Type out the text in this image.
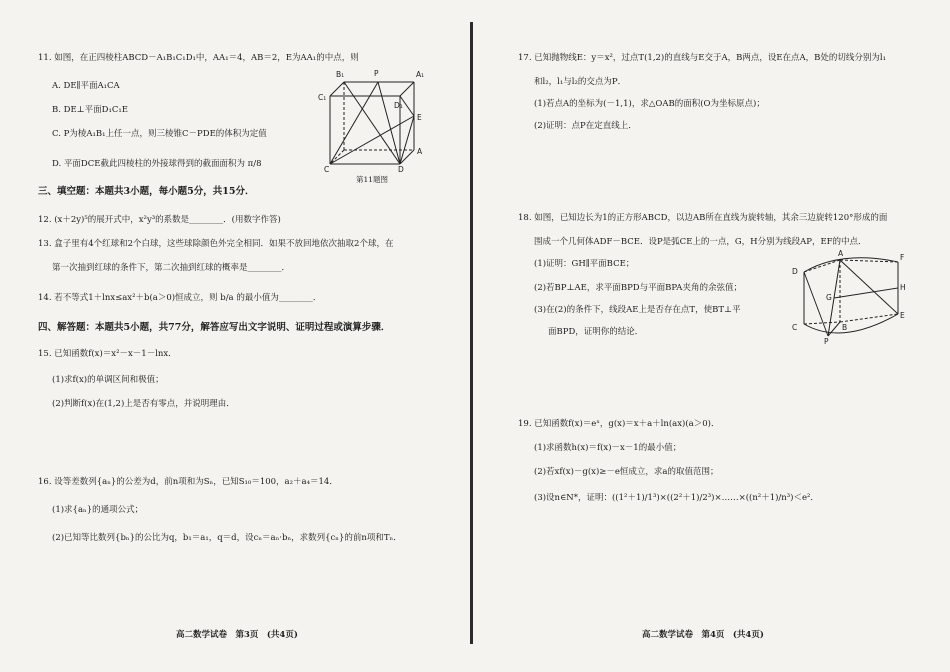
11. 如图，在正四棱柱ABCD－A₁B₁C₁D₁中，AA₁＝4，AB＝2，E为AA₁的中点，则
A. DE∥平面A₁CA
B. DE⊥平面D₁C₁E
C. P为棱A₁B₁上任一点，则三棱锥C－PDE的体积为定值
D. 平面DCE截此四棱柱的外接球得到的截面面积为 π/8
B₁	P	A₁
C₁
D₁
E
C	D
A
第11题图
三、填空题：本题共3小题，每小题5分，共15分．
12. (x＋2y)⁵的展开式中，x²y³的系数是________．(用数字作答)
13. 盒子里有4个红球和2个白球，这些球除颜色外完全相同．如果不放回地依次抽取2个球，在
第一次抽到红球的条件下，第二次抽到红球的概率是________．
14. 若不等式1＋lnx≤ax²＋b(a＞0)恒成立，则 b/a 的最小值为________．
四、解答题：本题共5小题，共77分，解答应写出文字说明、证明过程或演算步骤．
15. 已知函数f(x)＝x²－x－1－lnx．
(1)求f(x)的单调区间和极值；
(2)判断f(x)在(1,2)上是否有零点，并说明理由．
16. 设等差数列{aₙ}的公差为d，前n项和为Sₙ，已知S₁₀＝100，a₂＋a₄＝14．
(1)求{aₙ}的通项公式；
(2)已知等比数列{bₙ}的公比为q，b₁＝a₁，q＝d，设cₙ＝aₙ·bₙ，求数列{cₙ}的前n项和Tₙ．
高二数学试卷　第3页　(共4页)
17. 已知抛物线E：y＝x²，过点T(1,2)的直线与E交于A，B两点，设E在点A，B处的切线分别为l₁
和l₂，l₁与l₂的交点为P．
(1)若点A的坐标为(－1,1)，求△OAB的面积(O为坐标原点)；
(2)证明：点P在定直线上．
18. 如图，已知边长为1的正方形ABCD，以边AB所在直线为旋转轴，其余三边旋转120°形成的面
围成一个几何体ADF－BCE．设P是弧CE上的一点，G，H分别为线段AP，EF的中点．
(1)证明：GH∥平面BCE；
(2)若BP⊥AE，求平面BPD与平面BPA夹角的余弦值；
(3)在(2)的条件下，线段AE上是否存在点T，使BT⊥平
面BPD，证明你的结论．
D
A	F
G
H
E
C	B
P
19. 已知函数f(x)＝eˣ，g(x)＝x＋a＋ln(ax)(a＞0)．
(1)求函数h(x)＝f(x)－x－1的最小值；
(2)若xf(x)－g(x)≥－e恒成立，求a的取值范围；
(3)设n∈N*，证明：((1²＋1)/1³)×((2²＋1)/2³)×……×((n²＋1)/n³)＜e²．
高二数学试卷　第4页　(共4页)
